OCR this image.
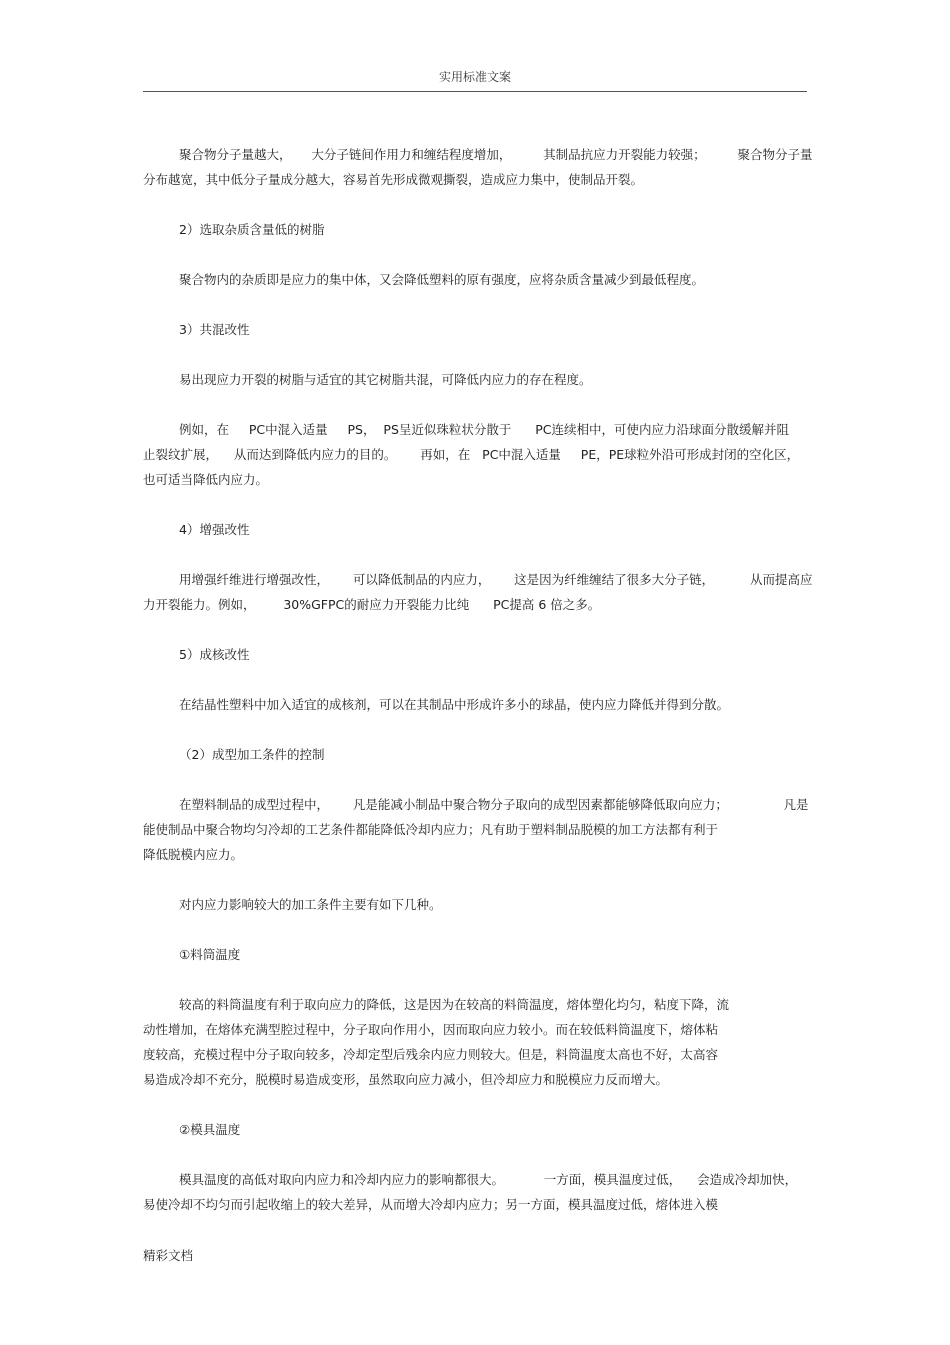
实用标准文案
聚合物分子量越大，     大分子链间作用力和缠结程度增加，        其制品抗应力开裂能力较强；        聚合物分子量
分布越宽，其中低分子量成分越大，容易首先形成微观撕裂，造成应力集中，使制品开裂。
2）选取杂质含量低的树脂
聚合物内的杂质即是应力的集中体，又会降低塑料的原有强度，应将杂质含量减少到最低程度。
3）共混改性
易出现应力开裂的树脂与适宜的其它树脂共混，可降低内应力的存在程度。
例如，在     PC中混入适量     PS，  PS呈近似珠粒状分散于      PC连续相中，可使内应力沿球面分散缓解并阻
止裂纹扩展，    从而达到降低内应力的目的。      再如，在   PC中混入适量     PE，PE球粒外沿可形成封闭的空化区，
也可适当降低内应力。
4）增强改性
用增强纤维进行增强改性，      可以降低制品的内应力，      这是因为纤维缠结了很多大分子链，         从而提高应
力开裂能力。例如，       30%GFPC的耐应力开裂能力比纯      PC提高 6 倍之多。
5）成核改性
在结晶性塑料中加入适宜的成核剂，可以在其制品中形成许多小的球晶，使内应力降低并得到分散。
（2）成型加工条件的控制
在塑料制品的成型过程中，      凡是能减小制品中聚合物分子取向的成型因素都能够降低取向应力；              凡是
能使制品中聚合物均匀冷却的工艺条件都能降低冷却内应力；凡有助于塑料制品脱模的加工方法都有利于
降低脱模内应力。
对内应力影响较大的加工条件主要有如下几种。
①料筒温度
较高的料筒温度有利于取向应力的降低，这是因为在较高的料筒温度，熔体塑化均匀，粘度下降，流
动性增加，在熔体充满型腔过程中，分子取向作用小，因而取向应力较小。而在较低料筒温度下，熔体粘
度较高，充模过程中分子取向较多，冷却定型后残余内应力则较大。但是，料筒温度太高也不好，太高容
易造成冷却不充分，脱模时易造成变形，虽然取向应力减小，但冷却应力和脱模应力反而增大。
②模具温度
模具温度的高低对取向内应力和冷却内应力的影响都很大。          一方面，模具温度过低，    会造成冷却加快，
易使冷却不均匀而引起收缩上的较大差异，从而增大冷却内应力；另一方面，模具温度过低，熔体进入模
精彩文档
